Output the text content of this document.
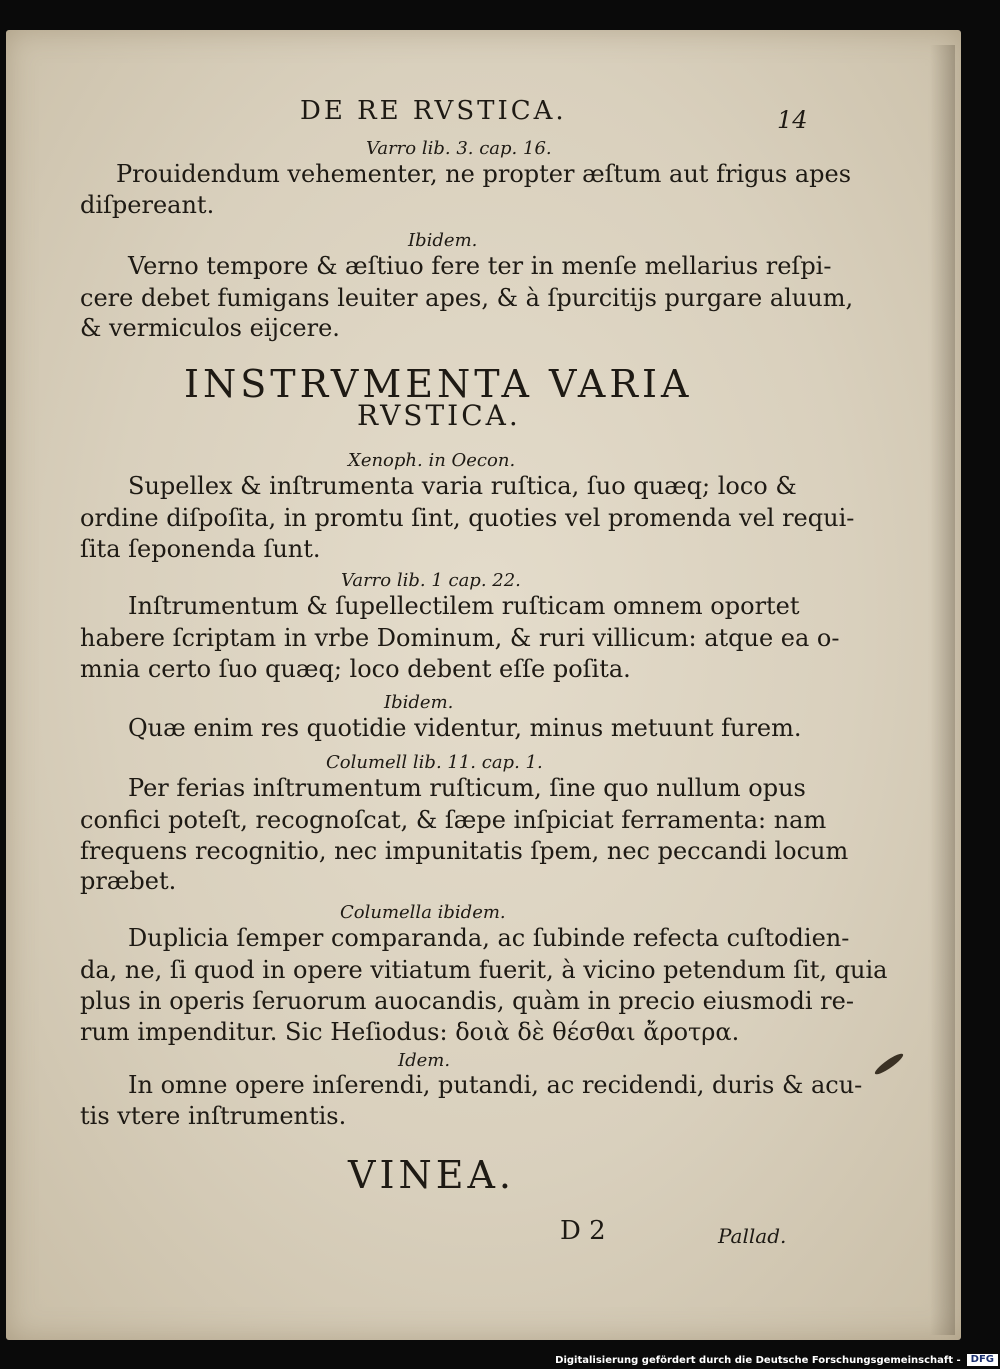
DE RE RVSTICA.	14
Varro lib. 3. cap. 16.
Prouidendum vehementer, ne propter æſtum aut frigus apes
diſpereant.
Ibidem.
Verno tempore & æſtiuo fere ter in menſe mellarius reſpi-
cere debet fumigans leuiter apes, & à ſpurcitijs purgare aluum,
& vermiculos eijcere.
INSTRVMENTA VARIA
RVSTICA.
Xenoph. in Oecon.
Supellex & inſtrumenta varia ruſtica, ſuo quæq; loco &
ordine diſpoſita, in promtu ſint, quoties vel promenda vel requi-
ſita ſeponenda ſunt.
Varro lib. 1 cap. 22.
Inſtrumentum & ſupellectilem ruſticam omnem oportet
habere ſcriptam in vrbe Dominum, & ruri villicum: atque ea o-
mnia certo ſuo quæq; loco debent eſſe poſita.
Ibidem.
Quæ enim res quotidie videntur, minus metuunt furem.
Columell lib. 11. cap. 1.
Per ferias inſtrumentum ruſticum, ſine quo nullum opus
confici poteſt, recognoſcat, & ſæpe inſpiciat ferramenta: nam
frequens recognitio, nec impunitatis ſpem, nec peccandi locum
præbet.
Columella ibidem.
Duplicia ſemper comparanda, ac ſubinde refecta cuſtodien-
da, ne, ſi quod in opere vitiatum fuerit, à vicino petendum ſit, quia
plus in operis ſeruorum auocandis, quàm in precio eiusmodi re-
rum impenditur. Sic Heſiodus: δοιὰ δὲ θέσθαι ἄροτρα.
Idem.
In omne opere inſerendi, putandi, ac recidendi, duris & acu-
tis vtere inſtrumentis.
VINEA.
D 2	Pallad.
Digitalisierung gefördert durch die Deutsche Forschungsgemeinschaft -	DFG
